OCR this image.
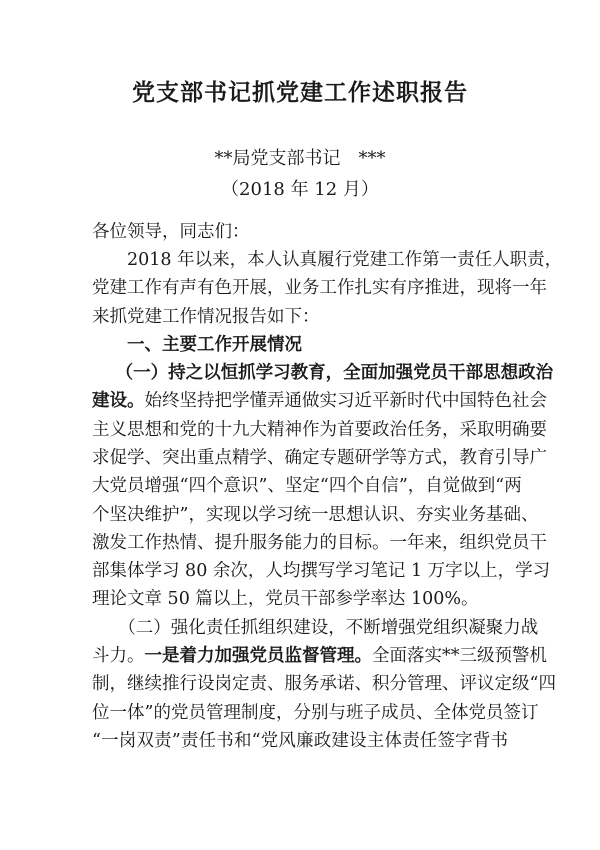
党支部书记抓党建工作述职报告
**局党支部书记　***
（2018 年 12 月）
各位领导，同志们：
　　2018 年以来，本人认真履行党建工作第一责任人职责，
党建工作有声有色开展，业务工作扎实有序推进，现将一年
来抓党建工作情况报告如下：
　　一、主要工作开展情况
　 （一）持之以恒抓学习教育，全面加强党员干部思想政治
建设。始终坚持把学懂弄通做实习近平新时代中国特色社会
主义思想和党的十九大精神作为首要政治任务，采取明确要
求促学、突出重点精学、确定专题研学等方式，教育引导广
大党员增强“四个意识”、坚定“四个自信”，自觉做到“两
个坚决维护”，实现以学习统一思想认识、夯实业务基础、
激发工作热情、提升服务能力的目标。一年来，组织党员干
部集体学习 80 余次，人均撰写学习笔记 1 万字以上，学习
理论文章 50 篇以上，党员干部参学率达 100%。
　　（二）强化责任抓组织建设，不断增强党组织凝聚力战
斗力。一是着力加强党员监督管理。全面落实**三级预警机
制，继续推行设岗定责、服务承诺、积分管理、评议定级“四
位一体”的党员管理制度，分别与班子成员、全体党员签订
“一岗双责”责任书和“党风廉政建设主体责任签字背书
